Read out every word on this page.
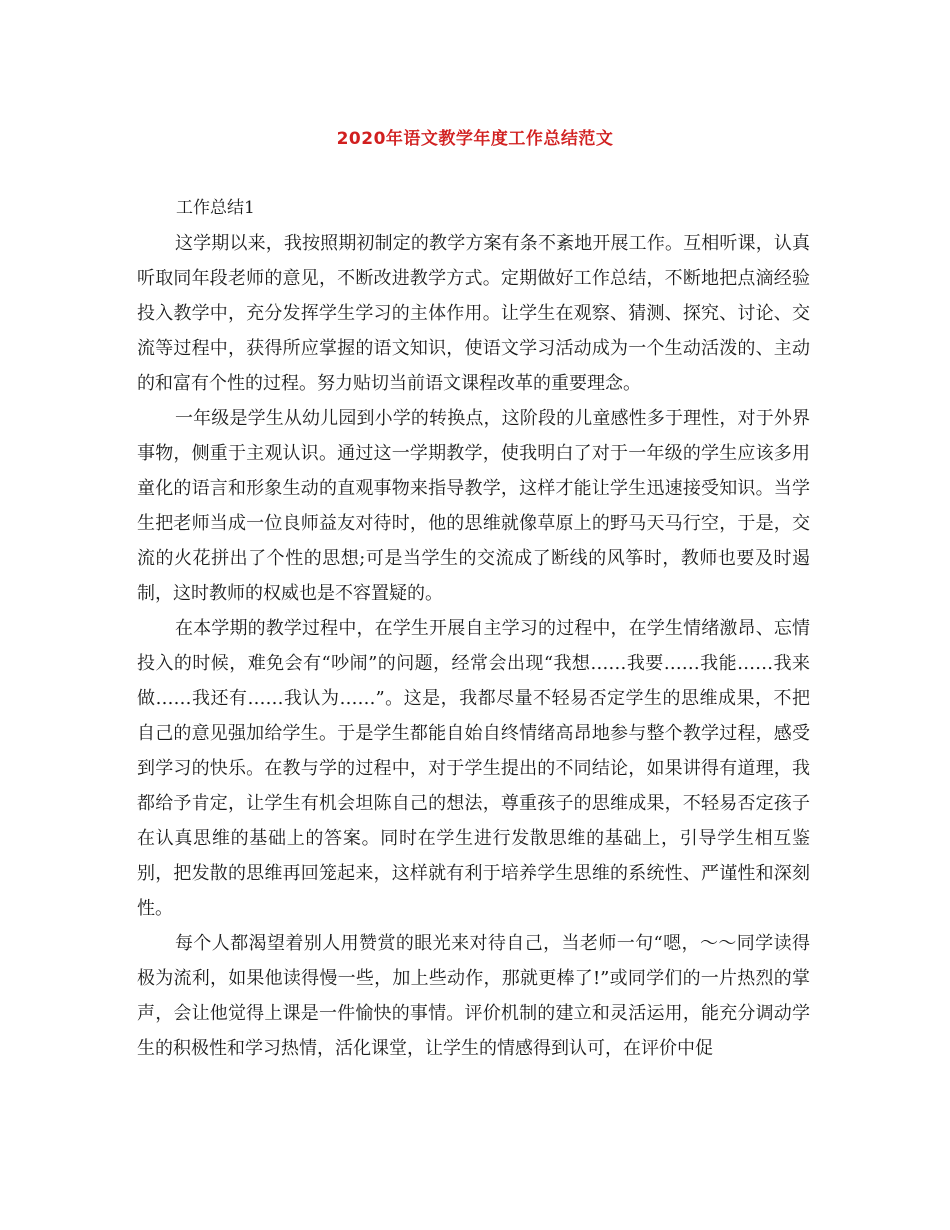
2020年语文教学年度工作总结范文
工作总结1

这学期以来，我按照期初制定的教学方案有条不紊地开展工作。互相听课，认真听取同年段老师的意见，不断改进教学方式。定期做好工作总结，不断地把点滴经验投入教学中，充分发挥学生学习的主体作用。让学生在观察、猜测、探究、讨论、交流等过程中，获得所应掌握的语文知识，使语文学习活动成为一个生动活泼的、主动的和富有个性的过程。努力贴切当前语文课程改革的重要理念。

一年级是学生从幼儿园到小学的转换点，这阶段的儿童感性多于理性，对于外界事物，侧重于主观认识。通过这一学期教学，使我明白了对于一年级的学生应该多用童化的语言和形象生动的直观事物来指导教学，这样才能让学生迅速接受知识。当学生把老师当成一位良师益友对待时，他的思维就像草原上的野马天马行空，于是，交流的火花拼出了个性的思想;可是当学生的交流成了断线的风筝时，教师也要及时遏制，这时教师的权威也是不容置疑的。

在本学期的教学过程中，在学生开展自主学习的过程中，在学生情绪激昂、忘情投入的时候，难免会有“吵闹”的问题，经常会出现“我想……我要……我能……我来做……我还有……我认为……”。这是，我都尽量不轻易否定学生的思维成果，不把自己的意见强加给学生。于是学生都能自始自终情绪高昂地参与整个教学过程，感受到学习的快乐。在教与学的过程中，对于学生提出的不同结论，如果讲得有道理，我都给予肯定，让学生有机会坦陈自己的想法，尊重孩子的思维成果，不轻易否定孩子在认真思维的基础上的答案。同时在学生进行发散思维的基础上，引导学生相互鉴别，把发散的思维再回笼起来，这样就有利于培养学生思维的系统性、严谨性和深刻性。

每个人都渴望着别人用赞赏的眼光来对待自己，当老师一句“嗯，～～同学读得极为流利，如果他读得慢一些，加上些动作，那就更棒了!”或同学们的一片热烈的掌声，会让他觉得上课是一件愉快的事情。评价机制的建立和灵活运用，能充分调动学生的积极性和学习热情，活化课堂，让学生的情感得到认可，在评价中促
